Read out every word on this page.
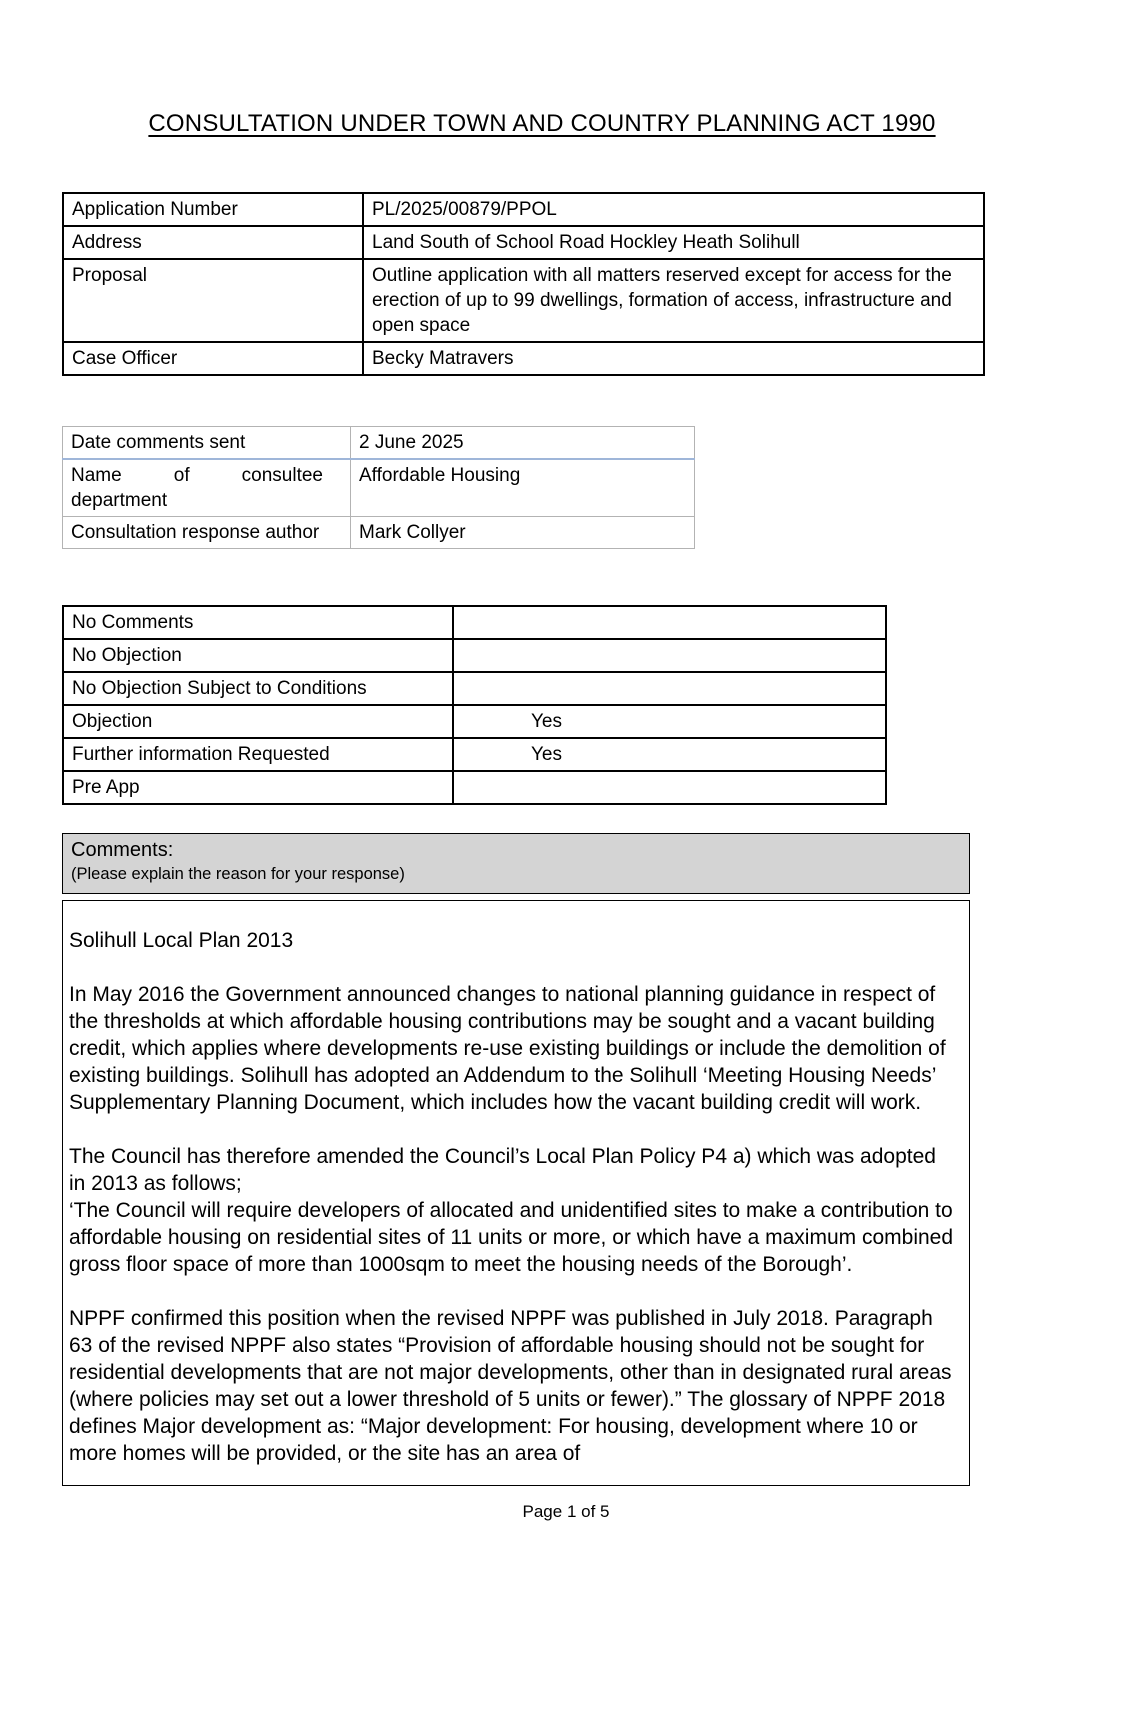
CONSULTATION UNDER TOWN AND COUNTRY PLANNING ACT 1990
Application Number	PL/2025/00879/PPOL
Address	Land South of School Road Hockley Heath Solihull
Proposal	Outline application with all matters reserved except for access for the erection of up to 99 dwellings, formation of access, infrastructure and open space
Case Officer	Becky Matravers
Date comments sent	2 June 2025

Name of consultee department	Affordable Housing

Consultation response author	Mark Collyer
No Comments	
No Objection	

No Objection Subject to Conditions	

Objection	Yes
Further information Requested	Yes
Pre App	
Comments:
(Please explain the reason for your response)
Solihull Local Plan 2013

In May 2016 the Government announced changes to national planning guidance in respect of the thresholds at which affordable housing contributions may be sought and a vacant building credit, which applies where developments re-use existing buildings or include the demolition of existing buildings. Solihull has adopted an Addendum to the Solihull ‘Meeting Housing Needs’ Supplementary Planning Document, which includes how the vacant building credit will work.

The Council has therefore amended the Council’s Local Plan Policy P4 a) which was adopted in 2013 as follows;

‘The Council will require developers of allocated and unidentified sites to make a contribution to affordable housing on residential sites of 11 units or more, or which have a maximum combined gross floor space of more than 1000sqm to meet the housing needs of the Borough’.

NPPF confirmed this position when the revised NPPF was published in July 2018. Paragraph 63 of the revised NPPF also states “Provision of affordable housing should not be sought for residential developments that are not major developments, other than in designated rural areas (where policies may set out a lower threshold of 5 units or fewer).” The glossary of NPPF 2018 defines Major development as: “Major development: For housing, development where 10 or more homes will be provided, or the site has an area of

Page 1 of 5
